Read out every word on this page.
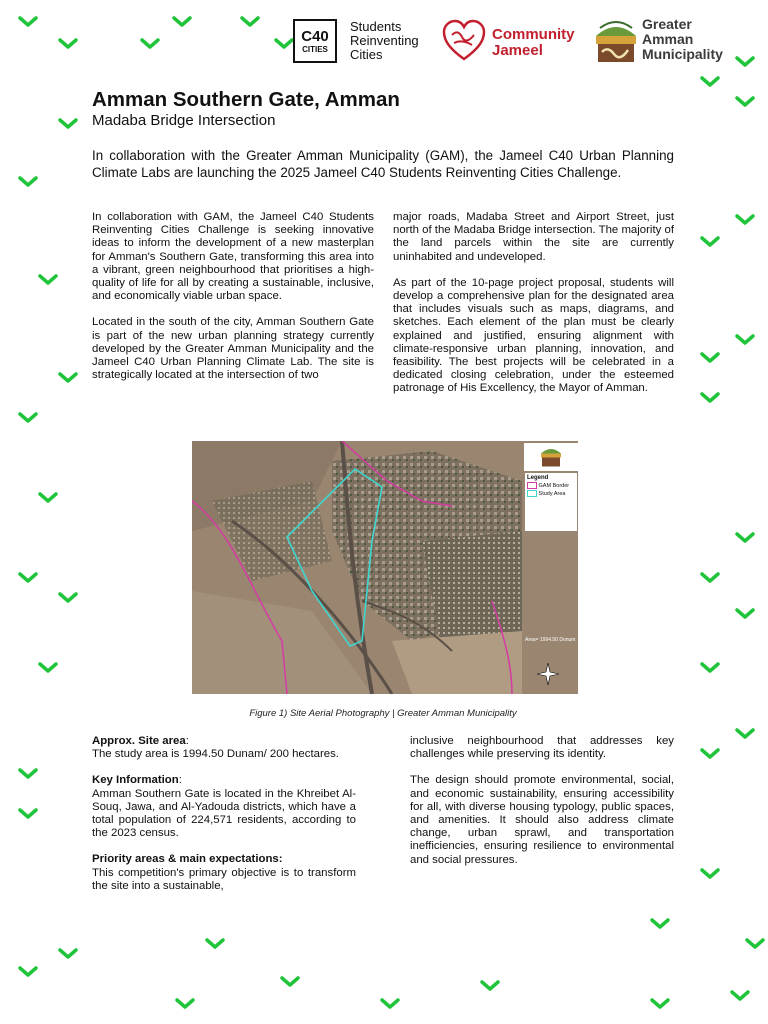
C40
CITIES
Students
Reinventing
Cities
Community
Jameel
Greater
Amman
Municipality
Amman Southern Gate, Amman
Madaba Bridge Intersection
In collaboration with the Greater Amman Municipality (GAM), the Jameel C40 Urban Planning Climate Labs are launching the 2025 Jameel C40 Students Reinventing Cities Challenge.

In collaboration with GAM, the Jameel C40 Students Reinventing Cities Challenge is seeking innovative ideas to inform the development of a new masterplan for Amman's Southern Gate, transforming this area into a vibrant, green neighbourhood that prioritises a high-quality of life for all by creating a sustainable, inclusive, and economically viable urban space.

Located in the south of the city, Amman Southern Gate is part of the new urban planning strategy currently developed by the Greater Amman Municipality and the Jameel C40 Urban Planning Climate Lab. The site is strategically located at the intersection of two

major roads, Madaba Street and Airport Street, just north of the Madaba Bridge intersection. The majority of the land parcels within the site are currently uninhabited and undeveloped.

As part of the 10-page project proposal, students will develop a comprehensive plan for the designated area that includes visuals such as maps, diagrams, and sketches. Each element of the plan must be clearly explained and justified, ensuring alignment with climate-responsive urban planning, innovation, and feasibility. The best projects will be celebrated in a dedicated closing celebration, under the esteemed patronage of His Excellency, the Mayor of Amman.

Legend
GAM Border
Study Area
Area= 1994.50 Donum
Figure 1) Site Aerial Photography | Greater Amman Municipality

Approx. Site area:
The study area is 1994.50 Dunam/ 200 hectares.

Key Information:
Amman Southern Gate is located in the Khreibet Al-Souq, Jawa, and Al-Yadouda districts, which have a total population of 224,571 residents, according to the 2023 census.

Priority areas & main expectations:
This competition's primary objective is to transform the site into a sustainable,

inclusive neighbourhood that addresses key challenges while preserving its identity.

The design should promote environmental, social, and economic sustainability, ensuring accessibility for all, with diverse housing typology, public spaces, and amenities. It should also address climate change, urban sprawl, and transportation inefficiencies, ensuring resilience to environmental and social pressures.
